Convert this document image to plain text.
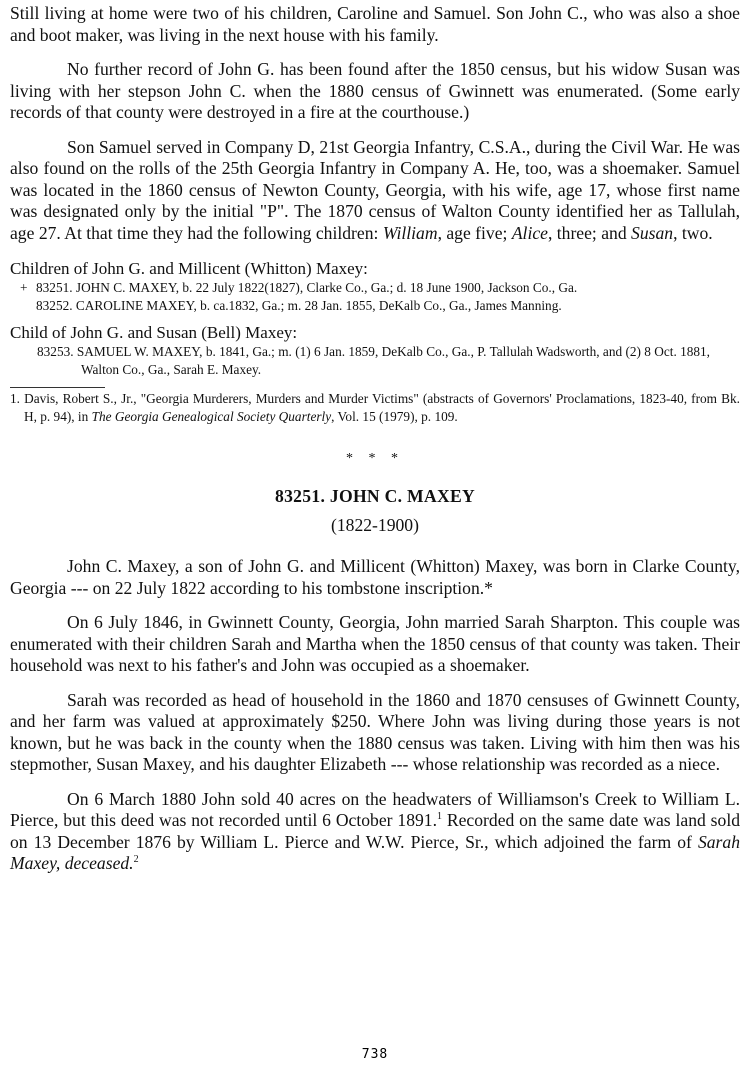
Still living at home were two of his children, Caroline and Samuel. Son John C., who was also a shoe and boot maker, was living in the next house with his family.

No further record of John G. has been found after the 1850 census, but his widow Susan was living with her stepson John C. when the 1880 census of Gwinnett was enumerated. (Some early records of that county were destroyed in a fire at the courthouse.)

Son Samuel served in Company D, 21st Georgia Infantry, C.S.A., during the Civil War. He was also found on the rolls of the 25th Georgia Infantry in Company A. He, too, was a shoemaker. Samuel was located in the 1860 census of Newton County, Georgia, with his wife, age 17, whose first name was designated only by the initial "P". The 1870 census of Walton County identified her as Tallulah, age 27. At that time they had the following children: William, age five; Alice, three; and Susan, two.

Children of John G. and Millicent (Whitton) Maxey:

+ 83251. JOHN C. MAXEY, b. 22 July 1822(1827), Clarke Co., Ga.; d. 18 June 1900, Jackson Co., Ga.

83252. CAROLINE MAXEY, b. ca.1832, Ga.; m. 28 Jan. 1855, DeKalb Co., Ga., James Manning.

Child of John G. and Susan (Bell) Maxey:

83253. SAMUEL W. MAXEY, b. 1841, Ga.; m. (1) 6 Jan. 1859, DeKalb Co., Ga., P. Tallulah Wadsworth, and (2) 8 Oct. 1881, Walton Co., Ga., Sarah E. Maxey.

1. Davis, Robert S., Jr., "Georgia Murderers, Murders and Murder Victims" (abstracts of Governors' Proclamations, 1823-40, from Bk. H, p. 94), in The Georgia Genealogical Society Quarterly, Vol. 15 (1979), p. 109.

* * *

83251. JOHN C. MAXEY

(1822-1900)

John C. Maxey, a son of John G. and Millicent (Whitton) Maxey, was born in Clarke County, Georgia --- on 22 July 1822 according to his tombstone inscription.*

On 6 July 1846, in Gwinnett County, Georgia, John married Sarah Sharpton. This couple was enumerated with their children Sarah and Martha when the 1850 census of that county was taken. Their household was next to his father's and John was occupied as a shoemaker.

Sarah was recorded as head of household in the 1860 and 1870 censuses of Gwinnett County, and her farm was valued at approximately $250. Where John was living during those years is not known, but he was back in the county when the 1880 census was taken. Living with him then was his stepmother, Susan Maxey, and his daughter Elizabeth --- whose relationship was recorded as a niece.

On 6 March 1880 John sold 40 acres on the headwaters of Williamson's Creek to William L. Pierce, but this deed was not recorded until 6 October 1891.$^1$ Recorded on the same date was land sold on 13 December 1876 by William L. Pierce and W.W. Pierce, Sr., which adjoined the farm of Sarah Maxey, deceased.$^2$

738
